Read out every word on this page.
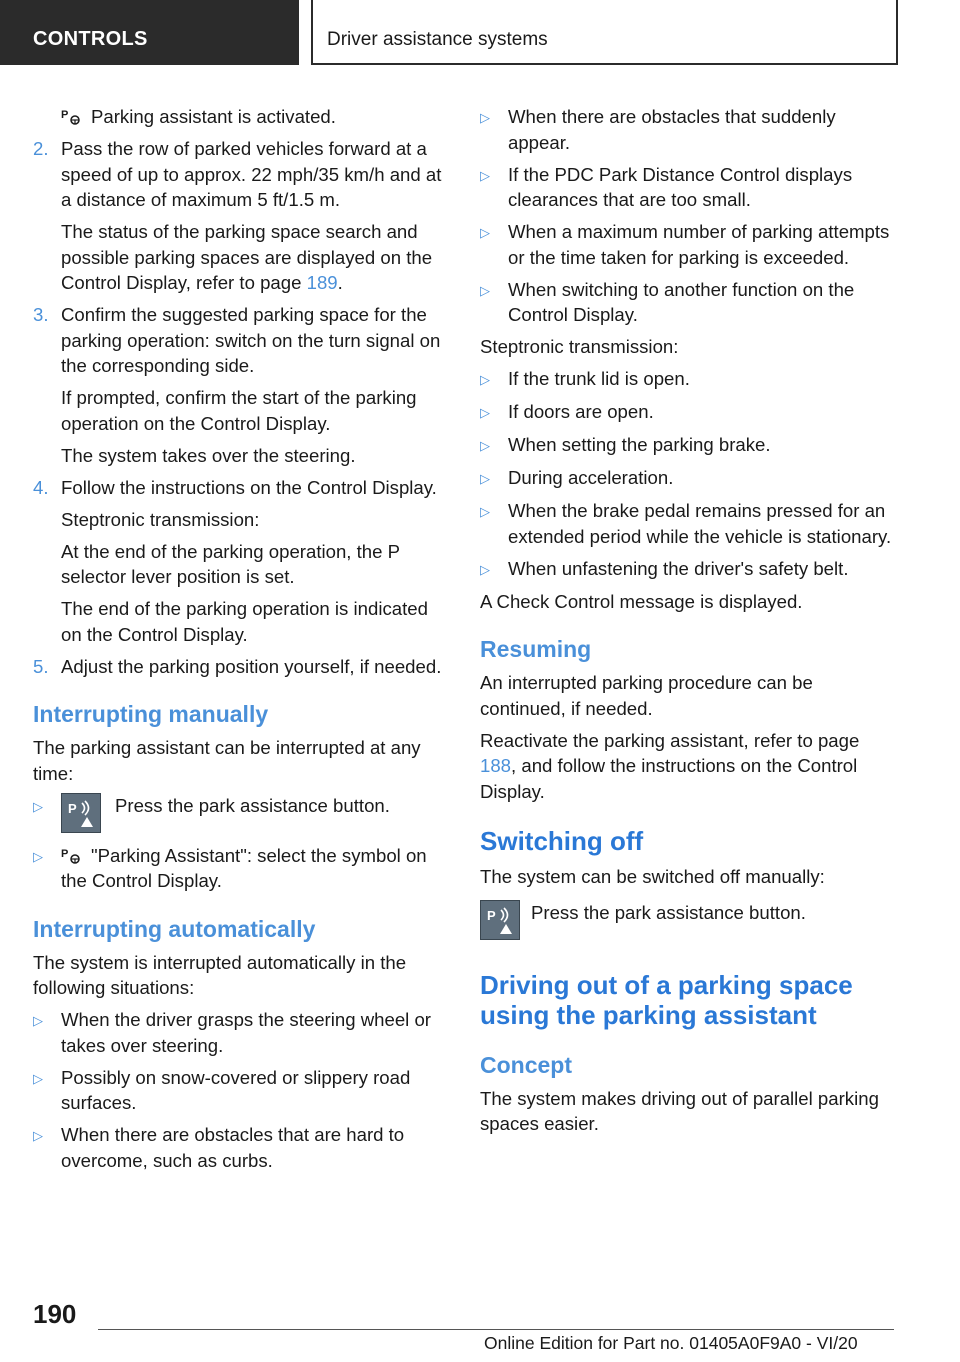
CONTROLS	Driver assistance systems

P Parking assistant is activated.

2. Pass the row of parked vehicles forward at a speed of up to approx. 22 mph/35 km/h and at a distance of maximum 5 ft/1.5 m.

The status of the parking space search and possible parking spaces are displayed on the Control Display, refer to page 189.

3. Confirm the suggested parking space for the parking operation: switch on the turn signal on the corresponding side.

If prompted, confirm the start of the parking operation on the Control Display.

The system takes over the steering.

4. Follow the instructions on the Control Display.

Steptronic transmission:

At the end of the parking operation, the P selector lever position is set.

The end of the parking operation is indicated on the Control Display.

5. Adjust the parking position yourself, if needed.
Interrupting manually

The parking assistant can be interrupted at any time:

▷	P	Press the park assistance button.
▷	P "Parking Assistant": select the symbol on the Control Display.
Interrupting automatically

The system is interrupted automatically in the following situations:

▷ When the driver grasps the steering wheel or takes over steering.
▷ Possibly on snow-covered or slippery road surfaces.
▷ When there are obstacles that are hard to overcome, such as curbs.
▷ When there are obstacles that suddenly appear.
▷ If the PDC Park Distance Control displays clearances that are too small.
▷ When a maximum number of parking attempts or the time taken for parking is exceeded.
▷ When switching to another function on the Control Display.

Steptronic transmission:

▷ If the trunk lid is open.
▷ If doors are open.
▷ When setting the parking brake.
▷ During acceleration.
▷ When the brake pedal remains pressed for an extended period while the vehicle is stationary.
▷ When unfastening the driver's safety belt.

A Check Control message is displayed.

Resuming

An interrupted parking procedure can be continued, if needed.

Reactivate the parking assistant, refer to page 188, and follow the instructions on the Control Display.

Switching off

The system can be switched off manually:

P	Press the park assistance button.
Driving out of a parking space using the parking assistant
Concept

The system makes driving out of parallel parking spaces easier.

190
Online Edition for Part no. 01405A0F9A0 - VI/20
